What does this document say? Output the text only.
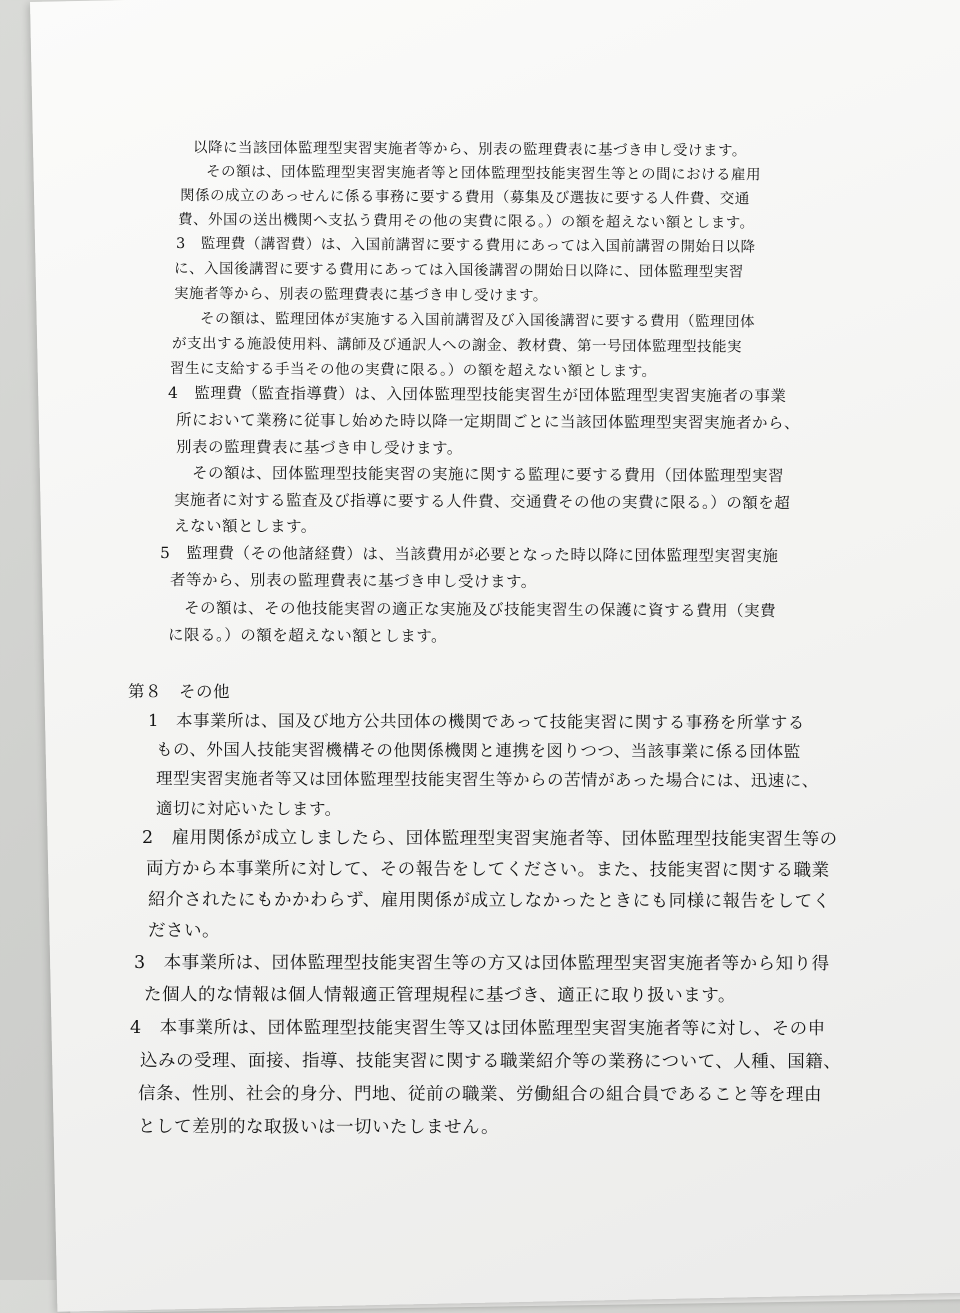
以降に当該団体監理型実習実施者等から、別表の監理費表に基づき申し受けます。
その額は、団体監理型実習実施者等と団体監理型技能実習生等との間における雇用
関係の成立のあっせんに係る事務に要する費用（募集及び選抜に要する人件費、交通
費、外国の送出機関へ支払う費用その他の実費に限る。）の額を超えない額とします。
3　監理費（講習費）は、入国前講習に要する費用にあっては入国前講習の開始日以降
に、入国後講習に要する費用にあっては入国後講習の開始日以降に、団体監理型実習
実施者等から、別表の監理費表に基づき申し受けます。
その額は、監理団体が実施する入国前講習及び入国後講習に要する費用（監理団体
が支出する施設使用料、講師及び通訳人への謝金、教材費、第一号団体監理型技能実
習生に支給する手当その他の実費に限る。）の額を超えない額とします。
4　監理費（監査指導費）は、入団体監理型技能実習生が団体監理型実習実施者の事業
所において業務に従事し始めた時以降一定期間ごとに当該団体監理型実習実施者から、
別表の監理費表に基づき申し受けます。
その額は、団体監理型技能実習の実施に関する監理に要する費用（団体監理型実習
実施者に対する監査及び指導に要する人件費、交通費その他の実費に限る。）の額を超
えない額とします。
5　監理費（その他諸経費）は、当該費用が必要となった時以降に団体監理型実習実施
者等から、別表の監理費表に基づき申し受けます。
その額は、その他技能実習の適正な実施及び技能実習生の保護に資する費用（実費
に限る。）の額を超えない額とします。
第８　その他
1　本事業所は、国及び地方公共団体の機関であって技能実習に関する事務を所掌する
もの、外国人技能実習機構その他関係機関と連携を図りつつ、当該事業に係る団体監
理型実習実施者等又は団体監理型技能実習生等からの苦情があった場合には、迅速に、
適切に対応いたします。
2　雇用関係が成立しましたら、団体監理型実習実施者等、団体監理型技能実習生等の
両方から本事業所に対して、その報告をしてください。また、技能実習に関する職業
紹介されたにもかかわらず、雇用関係が成立しなかったときにも同様に報告をしてく
ださい。
3　本事業所は、団体監理型技能実習生等の方又は団体監理型実習実施者等から知り得
た個人的な情報は個人情報適正管理規程に基づき、適正に取り扱います。
4　本事業所は、団体監理型技能実習生等又は団体監理型実習実施者等に対し、その申
込みの受理、面接、指導、技能実習に関する職業紹介等の業務について、人種、国籍、
信条、性別、社会的身分、門地、従前の職業、労働組合の組合員であること等を理由
として差別的な取扱いは一切いたしません。
